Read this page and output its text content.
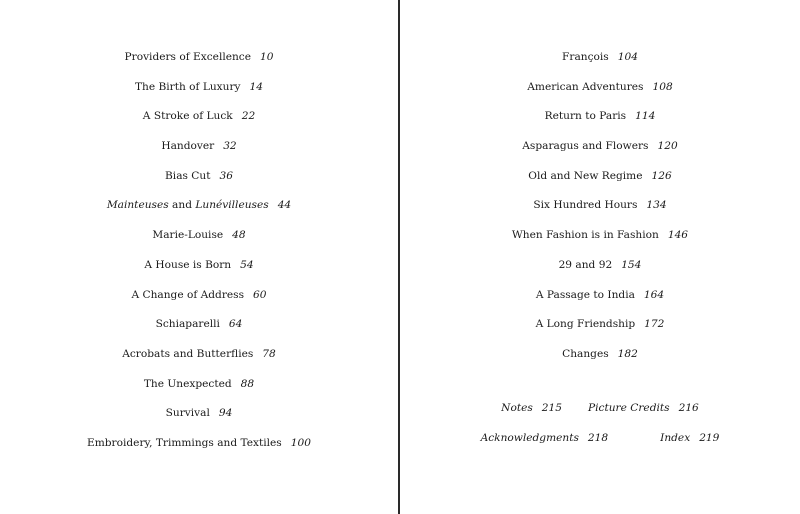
Providers of Excellence 10
The Birth of Luxury 14
A Stroke of Luck 22
Handover 32
Bias Cut 36
Mainteuses and Lunévilleuses 44
Marie-Louise 48
A House is Born 54
A Change of Address 60
Schiaparelli 64
Acrobats and Butterflies 78
The Unexpected 88
Survival 94
Embroidery, Trimmings and Textiles 100
François 104
American Adventures 108
Return to Paris 114
Asparagus and Flowers 120
Old and New Regime 126
Six Hundred Hours 134
When Fashion is in Fashion 146
29 and 92 154
A Passage to India 164
A Long Friendship 172
Changes 182
Notes 215 Picture Credits 216
Acknowledgments 218	Index 219
